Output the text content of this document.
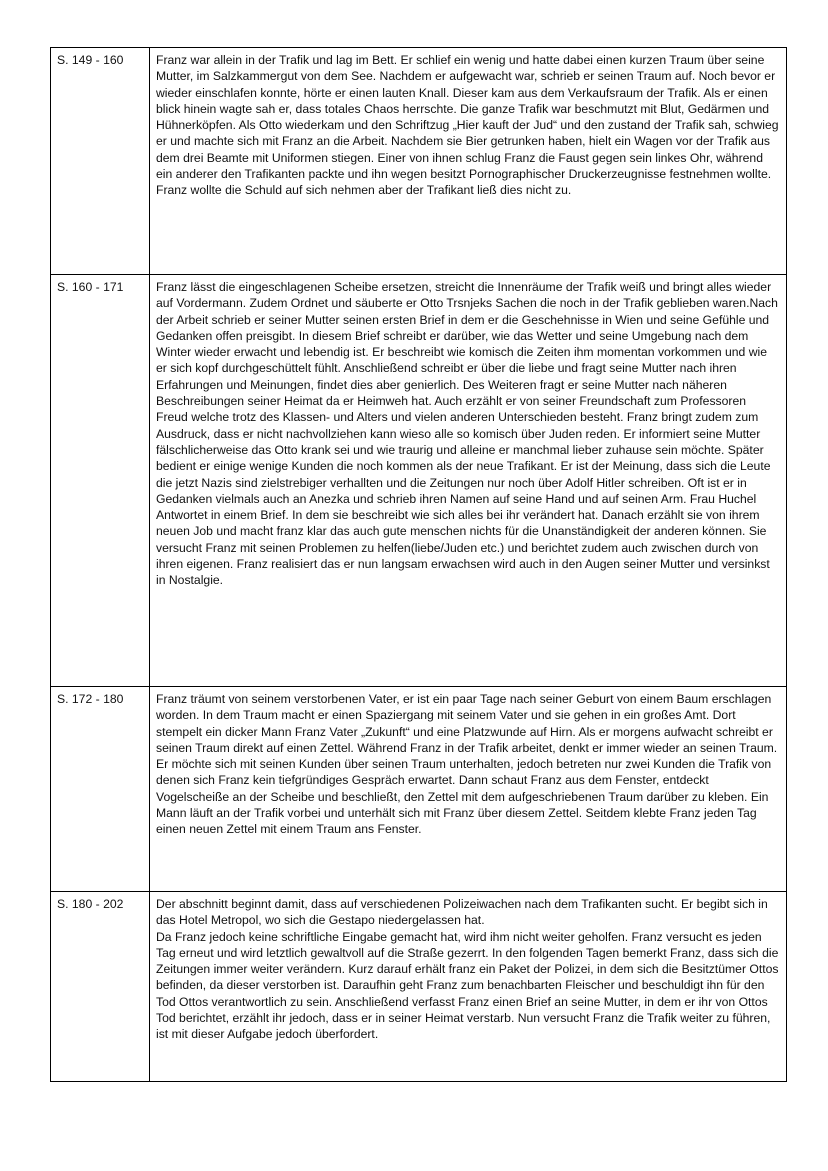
S. 149 - 160	Franz war allein in der Trafik und lag im Bett. Er schlief ein wenig und hatte dabei einen kurzen Traum über seine Mutter, im Salzkammergut von dem See. Nachdem er aufgewacht war, schrieb er seinen Traum auf. Noch bevor er wieder einschlafen konnte, hörte er einen lauten Knall. Dieser kam aus dem Verkaufsraum der Trafik. Als er einen blick hinein wagte sah er, dass totales Chaos herrschte. Die ganze Trafik war beschmutzt mit Blut, Gedärmen und Hühnerköpfen. Als Otto wiederkam und den Schriftzug „Hier kauft der Jud“ und den zustand der Trafik sah, schwieg er und machte sich mit Franz an die Arbeit. Nachdem sie Bier getrunken haben, hielt ein Wagen vor der Trafik aus dem drei Beamte mit Uniformen stiegen. Einer von ihnen schlug Franz die Faust gegen sein linkes Ohr, während ein anderer den Trafikanten packte und ihn wegen besitzt Pornographischer Druckerzeugnisse festnehmen wollte. Franz wollte die Schuld auf sich nehmen aber der Trafikant ließ dies nicht zu.

S. 160 - 171	Franz lässt die eingeschlagenen Scheibe ersetzen, streicht die Innenräume der Trafik weiß und bringt alles wieder auf Vordermann. Zudem Ordnet und säuberte er Otto Trsnjeks Sachen die noch in der Trafik geblieben waren.Nach der Arbeit schrieb er seiner Mutter seinen ersten Brief in dem er die Geschehnisse in Wien und seine Gefühle und Gedanken offen preisgibt. In diesem Brief schreibt er darüber, wie das Wetter und seine Umgebung nach dem Winter wieder erwacht und lebendig ist. Er beschreibt wie komisch die Zeiten ihm momentan vorkommen und wie er sich kopf durchgeschüttelt fühlt. Anschließend schreibt er über die liebe und fragt seine Mutter nach ihren Erfahrungen und Meinungen, findet dies aber genierlich. Des Weiteren fragt er seine Mutter nach näheren Beschreibungen seiner Heimat da er Heimweh hat. Auch erzählt er von seiner Freundschaft zum Professoren Freud welche trotz des Klassen- und Alters und vielen anderen Unterschieden besteht. Franz bringt zudem zum Ausdruck, dass er nicht nachvollziehen kann wieso alle so komisch über Juden reden. Er informiert seine Mutter fälschlicherweise das Otto krank sei und wie traurig und alleine er manchmal lieber zuhause sein möchte. Später bedient er einige wenige Kunden die noch kommen als der neue Trafikant. Er ist der Meinung, dass sich die Leute die jetzt Nazis sind zielstrebiger verhallten und die Zeitungen nur noch über Adolf Hitler schreiben. Oft ist er in Gedanken vielmals auch an Anezka und schrieb ihren Namen auf seine Hand und auf seinen Arm. Frau Huchel Antwortet in einem Brief. In dem sie beschreibt wie sich alles bei ihr verändert hat. Danach erzählt sie von ihrem neuen Job und macht franz klar das auch gute menschen nichts für die Unanständigkeit der anderen können. Sie versucht Franz mit seinen Problemen zu helfen(liebe/Juden etc.) und berichtet zudem auch zwischen durch von ihren eigenen. Franz realisiert das er nun langsam erwachsen wird auch in den Augen seiner Mutter und versinkst in Nostalgie.

S. 172 - 180	Franz träumt von seinem verstorbenen Vater, er ist ein paar Tage nach seiner Geburt von einem Baum erschlagen worden. In dem Traum macht er einen Spaziergang mit seinem Vater und sie gehen in ein großes Amt. Dort stempelt ein dicker Mann Franz Vater „Zukunft“ und eine Platzwunde auf Hirn. Als er morgens aufwacht schreibt er seinen Traum direkt auf einen Zettel. Während Franz in der Trafik arbeitet, denkt er immer wieder an seinen Traum. Er möchte sich mit seinen Kunden über seinen Traum unterhalten, jedoch betreten nur zwei Kunden die Trafik von denen sich Franz kein tiefgründiges Gespräch erwartet. Dann schaut Franz aus dem Fenster, entdeckt Vogelscheiße an der Scheibe und beschließt, den Zettel mit dem aufgeschriebenen Traum darüber zu kleben. Ein Mann läuft an der Trafik vorbei und unterhält sich mit Franz über diesem Zettel. Seitdem klebte Franz jeden Tag einen neuen Zettel mit einem Traum ans Fenster.

S. 180 - 202	Der abschnitt beginnt damit, dass auf verschiedenen Polizeiwachen nach dem Trafikanten sucht. Er begibt sich in das Hotel Metropol, wo sich die Gestapo niedergelassen hat.
Da Franz jedoch keine schriftliche Eingabe gemacht hat, wird ihm nicht weiter geholfen. Franz versucht es jeden Tag erneut und wird letztlich gewaltvoll auf die Straße gezerrt. In den folgenden Tagen bemerkt Franz, dass sich die Zeitungen immer weiter verändern. Kurz darauf erhält franz ein Paket der Polizei, in dem sich die Besitztümer Ottos befinden, da dieser verstorben ist. Daraufhin geht Franz zum benachbarten Fleischer und beschuldigt ihn für den Tod Ottos verantwortlich zu sein. Anschließend verfasst Franz einen Brief an seine Mutter, in dem er ihr von Ottos Tod berichtet, erzählt ihr jedoch, dass er in seiner Heimat verstarb. Nun versucht Franz die Trafik weiter zu führen, ist mit dieser Aufgabe jedoch überfordert.
